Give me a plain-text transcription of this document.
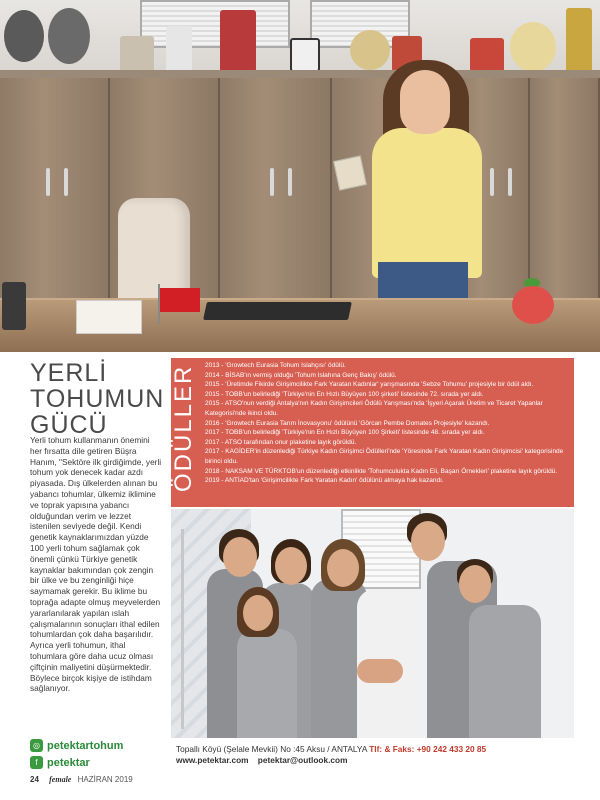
YERLİ
TOHUMUN
GÜCÜ

Yerli tohum kullanmanın önemini her fırsatta dile getiren Büşra Hanım, "Sektöre ilk girdiğimde, yerli tohum yok denecek kadar azdı piyasada. Dış ülkelerden alınan bu yabancı tohumlar, ülkemiz iklimine ve toprak yapısına yabancı olduğundan verim ve lezzet istenilen seviyede değil. Kendi genetik kaynaklarımızdan yüzde 100 yerli tohum sağlamak çok önemli çünkü Türkiye genetik kaynaklar bakımından çok zengin bir ülke ve bu zenginliği hiçe saymamak gerekir. Bu iklime bu toprağa adapte olmuş meyvelerden yararlanılarak yapılan ıslah çalışmalarının sonuçları ithal edilen tohumlardan çok daha başarılıdır. Ayrıca yerli tohumun, ithal tohumlara göre daha ucuz olması çiftçinin maliyetini düşürmektedir. Böylece birçok kişiye de istihdam sağlanıyor.

ÖDÜLLER 2013 - 'Growtech Eurasia Tohum Islahçısı' ödülü.
2014 - BİSAB'ın vermiş olduğu 'Tohum Islahına Genç Bakış' ödülü.
2015 - 'Üretimde Fikirde Girişimcilikte Fark Yaratan Kadınlar' yarışmasında 'Sebze Tohumu' projesiyle bir ödül aldı.
2015 - TOBB'un belirlediği 'Türkiye'nin En Hızlı Büyüyen 100 şirketi' listesinde 72. sırada yer aldı.
2015 - ATSO'nun verdiği Antalya'nın Kadın Girişimcileri Ödülü Yarışması'nda 'İşyeri Açarak Üretim ve Ticaret Yapanlar
Kategorisi'nde ikinci oldu.
2016 - 'Growtech Eurasia Tarım İnovasyonu' ödülünü 'Görcan Pembe Domates Projesiyle' kazandı.
2017 - TOBB'un belirlediği 'Türkiye'nin En Hızlı Büyüyen 100 Şirketi' listesinde 48. sırada yer aldı.
2017 - ATSO tarafından onur plaketine layık görüldü.
2017 - KAGİDER'in düzenlediği Türkiye Kadın Girişimci Ödülleri'nde 'Yöresinde Fark Yaratan Kadın Girişimcisi' kategorisinde
birinci oldu.
2018 - NAKSAM VE TÜRKTOB'un düzenlediği etkinlikte 'Tohumculukta Kadın Eli, Başarı Örnekleri' plaketine layık görüldü.
2019 - ANTİAD'tan 'Girişimcilikte Fark Yaratan Kadın' ödülünü almaya hak kazandı.
◎ petektartohum
f petektar
Topallı Köyü (Şelale Mevkii) No :45 Aksu / ANTALYA Tlf: & Faks: +90 242 433 20 85
www.petektar.com petektar@outlook.com
24 female HAZİRAN 2019
